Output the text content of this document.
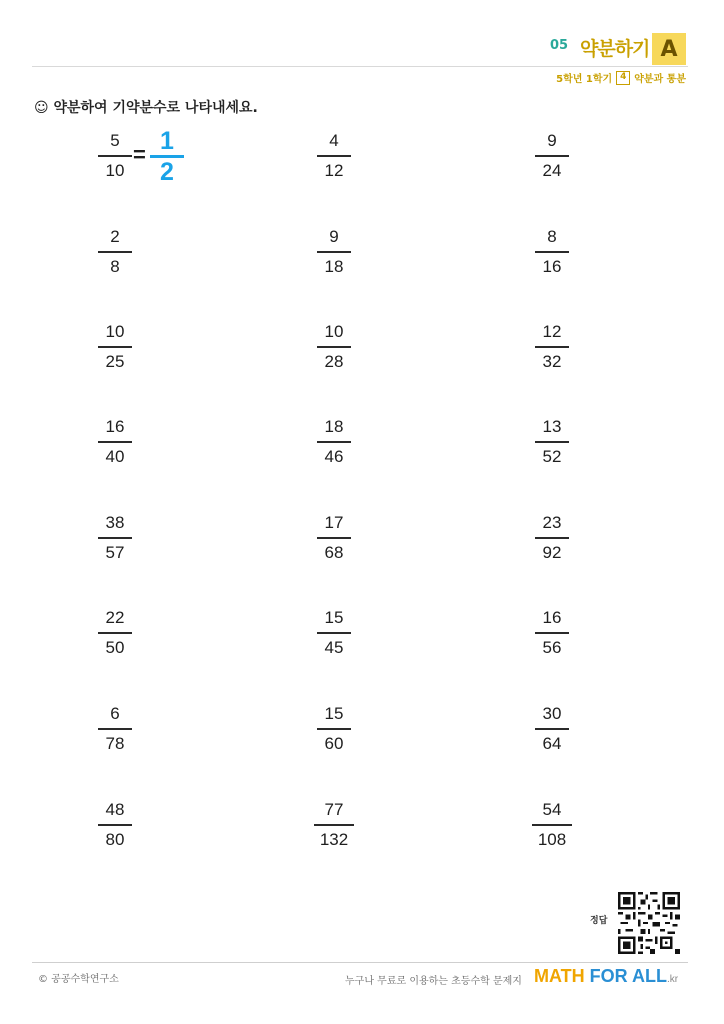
05 약분하기 A
5학년 1학기 4 약분과 통분
☺ 약분하여 기약분수로 나타내세요.
5
10
4
12
9
24
2
8
9
18
8
16
10
25
10
28
12
32
16
40
18
46
13
52
38
57
17
68
23
92
22
50
15
45
16
56
6
78
15
60
30
64
48
80
77
132
54
108
= 1
2
정답
© 공공수학연구소	누구나 무료로 이용하는 초등수학 문제지 MATH FOR ALL.kr
